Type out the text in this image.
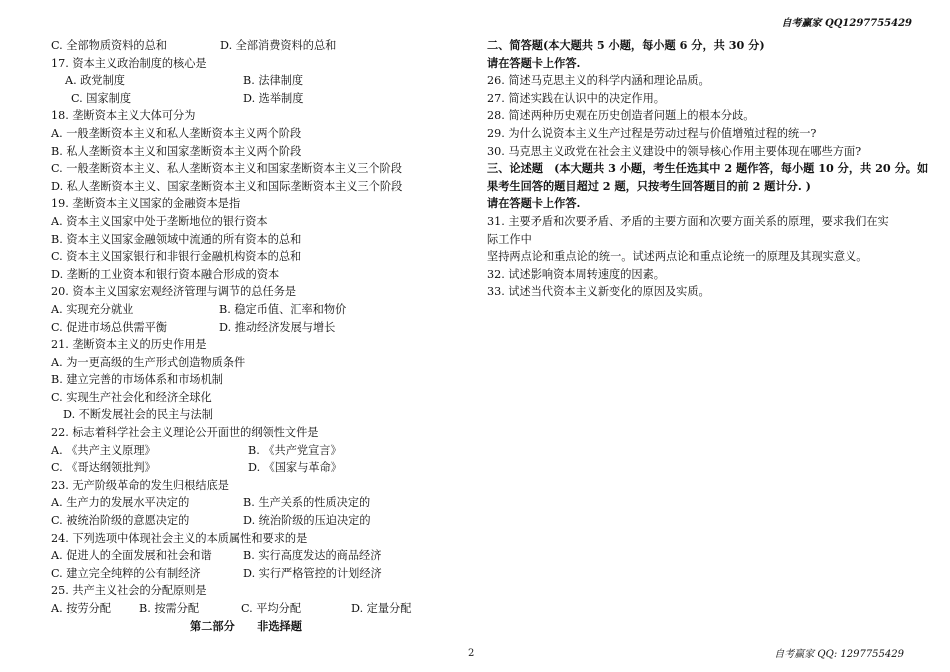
自考赢家 QQ1297755429
C. 全部物质资料的总和	D. 全部消费资料的总和
17. 资本主义政治制度的核心是
A. 政党制度	B. 法律制度
C. 国家制度	D. 选举制度
18. 垄断资本主义大体可分为
A. 一般垄断资本主义和私人垄断资本主义两个阶段
B. 私人垄断资本主义和国家垄断资本主义两个阶段
C. 一般垄断资本主义、私人垄断资本主义和国家垄断资本主义三个阶段
D. 私人垄断资本主义、国家垄断资本主义和国际垄断资本主义三个阶段
19. 垄断资本主义国家的金融资本是指
A. 资本主义国家中处于垄断地位的银行资本
B. 资本主义国家金融领域中流通的所有资本的总和
C. 资本主义国家银行和非银行金融机构资本的总和
D. 垄断的工业资本和银行资本融合形成的资本
20. 资本主义国家宏观经济管理与调节的总任务是
A. 实现充分就业	B. 稳定币值、汇率和物价
C. 促进市场总供需平衡	D. 推动经济发展与增长
21. 垄断资本主义的历史作用是
A. 为一更高级的生产形式创造物质条件
B. 建立完善的市场体系和市场机制
C. 实现生产社会化和经济全球化
D. 不断发展社会的民主与法制
22. 标志着科学社会主义理论公开面世的纲领性文件是
A. 《共产主义原理》	B. 《共产党宣言》
C. 《哥达纲领批判》	D. 《国家与革命》
23. 无产阶级革命的发生归根结底是
A. 生产力的发展水平决定的	B. 生产关系的性质决定的
C. 被统治阶级的意愿决定的	D. 统治阶级的压迫决定的
24. 下列选项中体现社会主义的本质属性和要求的是
A. 促进人的全面发展和社会和谐	B. 实行高度发达的商品经济
C. 建立完全纯粹的公有制经济	D. 实行严格管控的计划经济
25. 共产主义社会的分配原则是
A. 按劳分配	B. 按需分配	C. 平均分配	D. 定量分配
第二部分　　非选择题
二、简答题(本大题共 5 小题，每小题 6 分，共 30 分)
请在答题卡上作答.
26. 简述马克思主义的科学内涵和理论品质。
27. 简述实践在认识中的决定作用。
28. 简述两种历史观在历史创造者问题上的根本分歧。
29. 为什么说资本主义生产过程是劳动过程与价值增殖过程的统一?
30. 马克思主义政党在社会主义建设中的领导核心作用主要体现在哪些方面?
三、论述题　(本大题共 3 小题，考生任选其中 2 题作答，每小题 10 分，共 20 分。如
果考生回答的题目超过 2 题，只按考生回答题目的前 2 题计分. )
请在答题卡上作答.
31. 主要矛盾和次要矛盾、矛盾的主要方面和次要方面关系的原理，要求我们在实
际工作中
坚持两点论和重点论的统一。试述两点论和重点论统一的原理及其现实意义。
32. 试述影响资本周转速度的因素。
33. 试述当代资本主义新变化的原因及实质。
2	自考赢家 QQ: 1297755429
